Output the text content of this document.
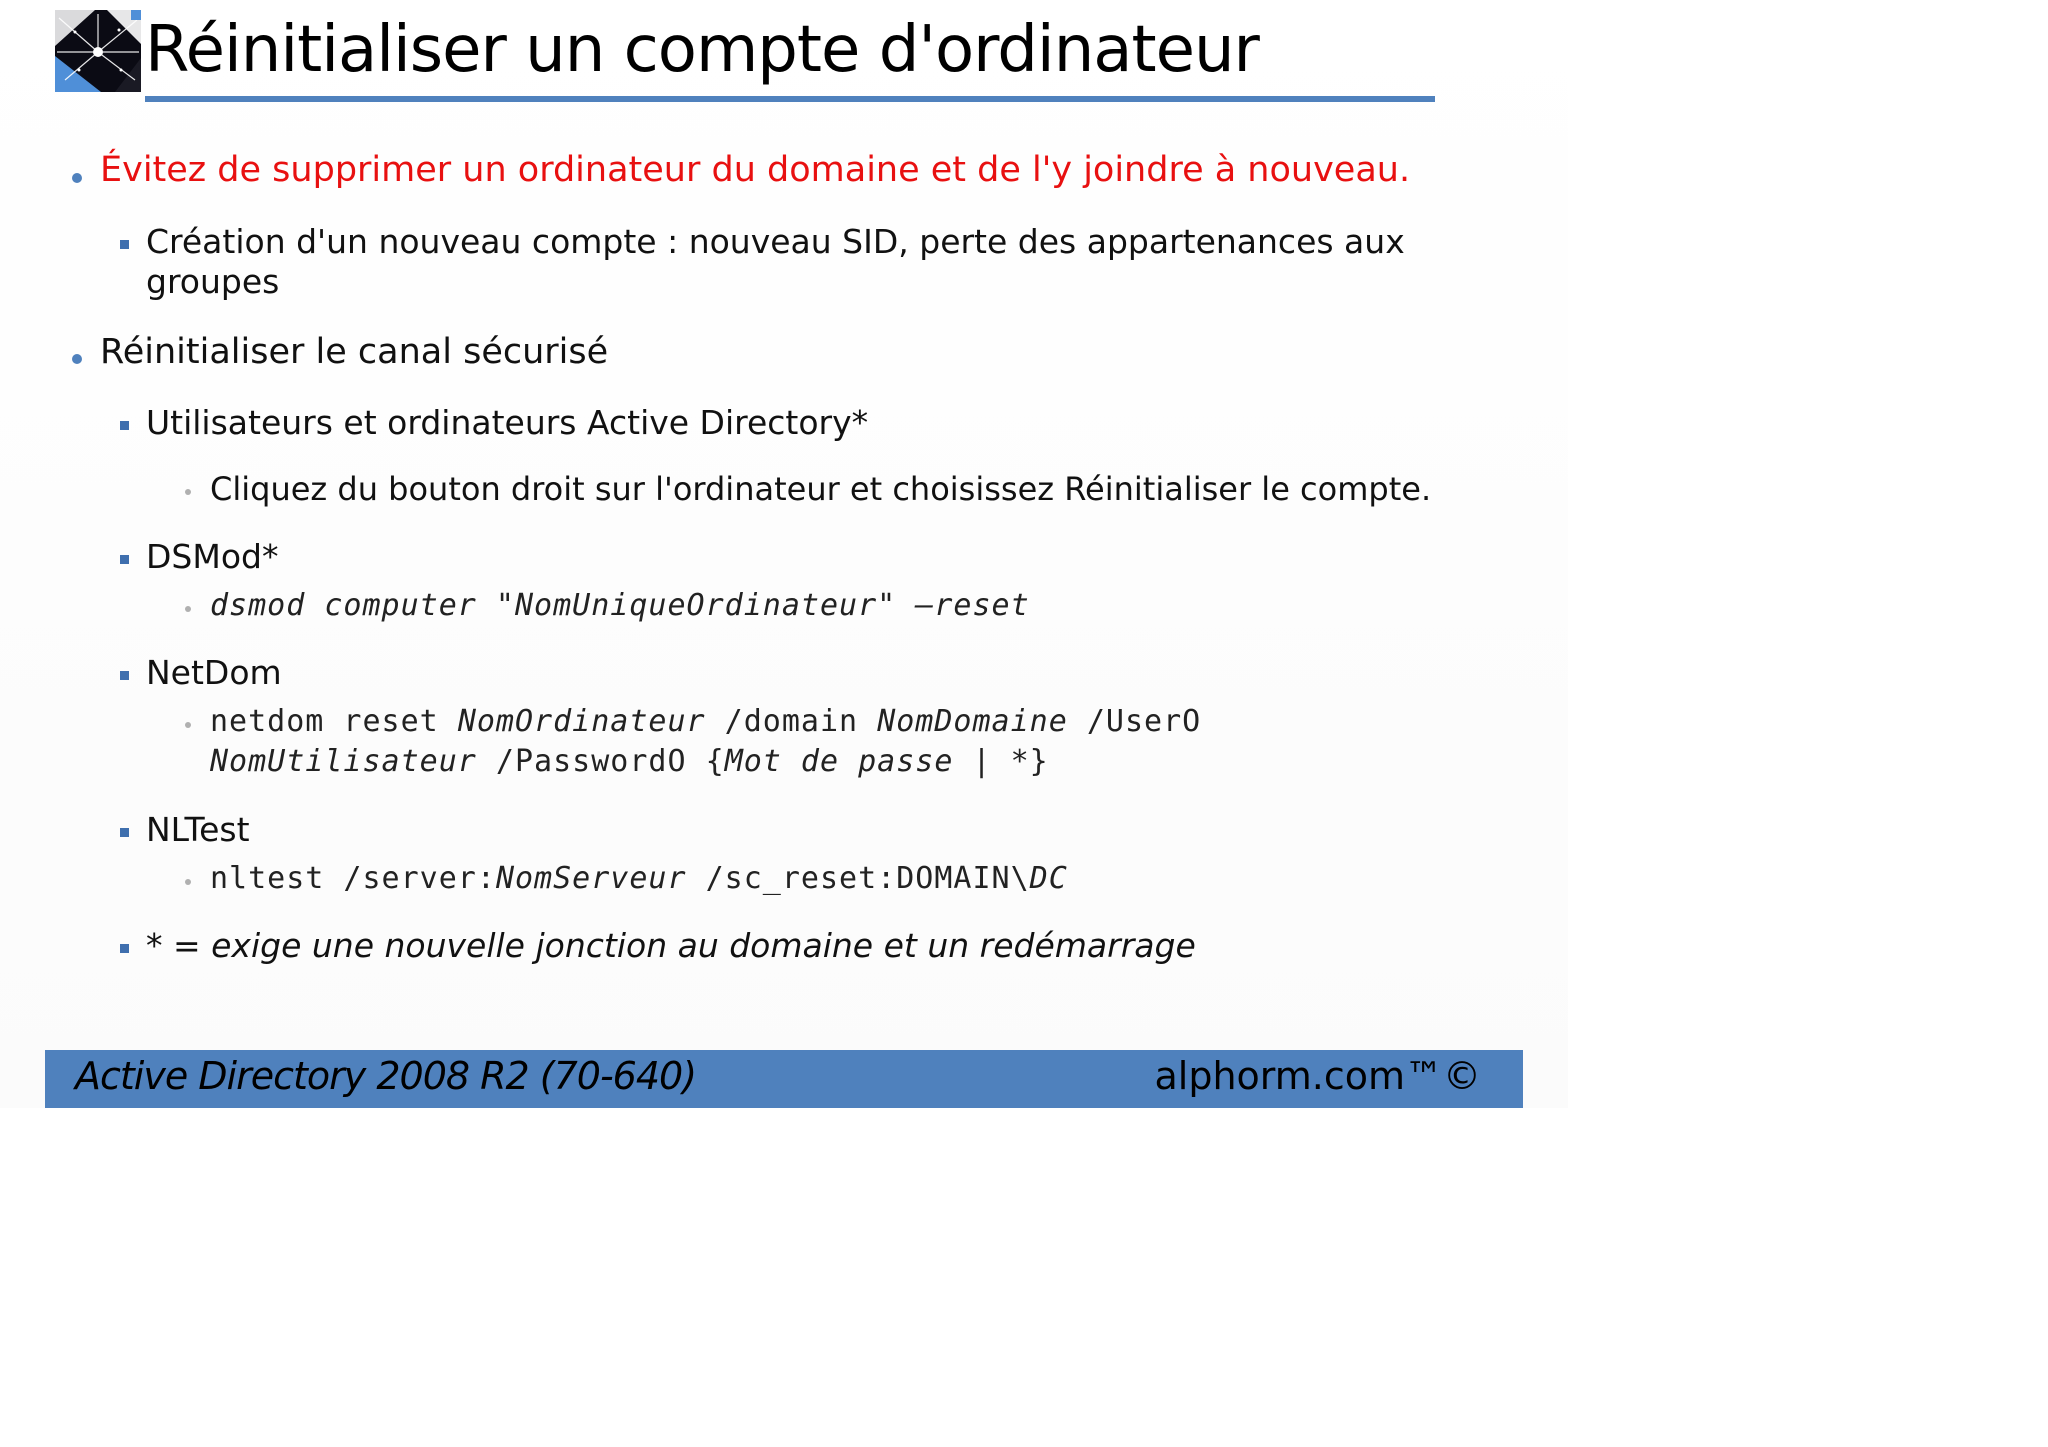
Réinitialiser un compte d'ordinateur
Évitez de supprimer un ordinateur du domaine et de l'y joindre à nouveau.
Création d'un nouveau compte : nouveau SID, perte des appartenances aux
groupes
Réinitialiser le canal sécurisé
Utilisateurs et ordinateurs Active Directory*
Cliquez du bouton droit sur l'ordinateur et choisissez Réinitialiser le compte.
DSMod*
dsmod computer "NomUniqueOrdinateur" –reset
NetDom
netdom reset NomOrdinateur /domain NomDomaine /UserO
NomUtilisateur /PasswordO {Mot de passe | *}
NLTest
nltest /server:NomServeur /sc_reset:DOMAIN\DC
* = exige une nouvelle jonction au domaine et un redémarrage
Active Directory 2008 R2 (70-640)	alphorm.com™©
